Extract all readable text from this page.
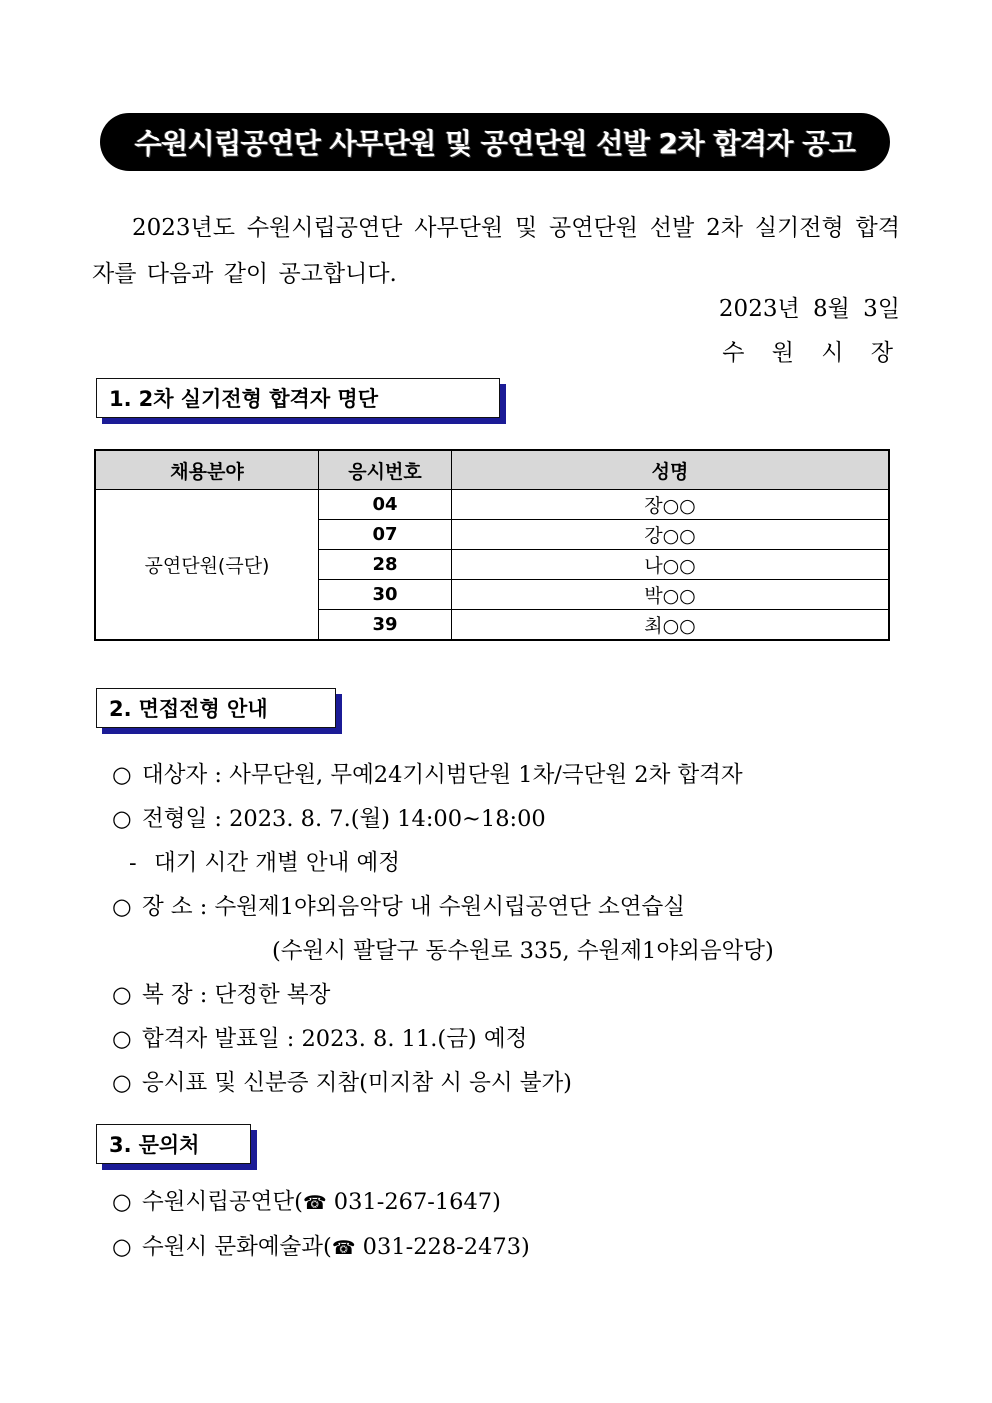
수원시립공연단 사무단원 및 공연단원 선발 2차 합격자 공고
2023년도 수원시립공연단 사무단원 및 공연단원 선발 2차 실기전형 합격자를 다음과 같이 공고합니다.
2023년 8월 3일
수 원 시 장
1. 2차 실기전형 합격자 명단
채용분야	응시번호	성명
공연단원(극단)	04	장○○
	07	강○○
	28	나○○
	30	박○○
	39	최○○
2. 면접전형 안내
○ 대상자 : 사무단원, 무예24기시범단원 1차/극단원 2차 합격자
○ 전형일 : 2023. 8. 7.(월) 14:00~18:00
- 대기 시간 개별 안내 예정
○ 장 소 : 수원제1야외음악당 내 수원시립공연단 소연습실
(수원시 팔달구 동수원로 335, 수원제1야외음악당)
○ 복 장 : 단정한 복장
○ 합격자 발표일 : 2023. 8. 11.(금) 예정
○ 응시표 및 신분증 지참(미지참 시 응시 불가)
3. 문의처
○ 수원시립공연단(☎ 031-267-1647)
○ 수원시 문화예술과(☎ 031-228-2473)
